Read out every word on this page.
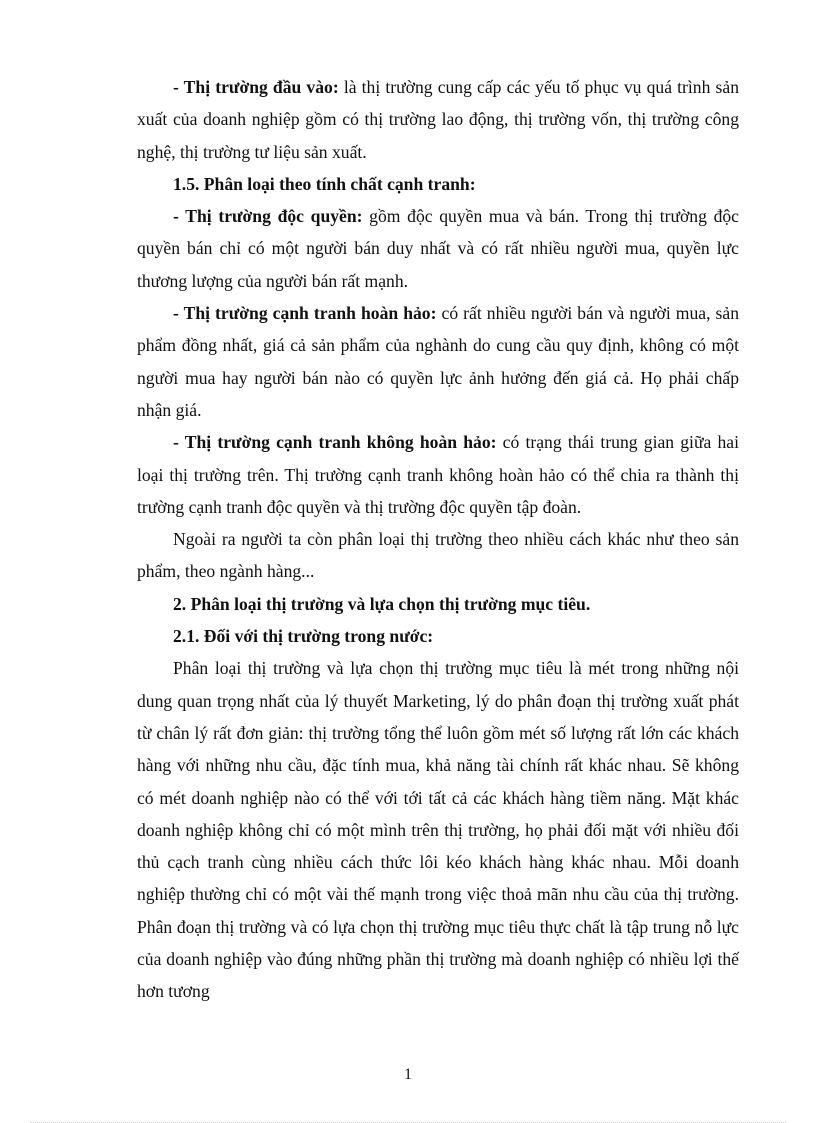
- Thị trường đầu vào: là thị trường cung cấp các yếu tố phục vụ quá trình sản xuất của doanh nghiệp gồm có thị trường lao động, thị trường vốn, thị trường công nghệ, thị trường tư liệu sản xuất.

1.5. Phân loại theo tính chất cạnh tranh:

- Thị trường độc quyền: gồm độc quyền mua và bán. Trong thị trường độc quyền bán chỉ có một người bán duy nhất và có rất nhiều người mua, quyền lực thương lượng của người bán rất mạnh.

- Thị trường cạnh tranh hoàn hảo: có rất nhiều người bán và người mua, sản phẩm đồng nhất, giá cả sản phẩm của nghành do cung cầu quy định, không có một người mua hay người bán nào có quyền lực ảnh hưởng đến giá cả. Họ phải chấp nhận giá.

- Thị trường cạnh tranh không hoàn hảo: có trạng thái trung gian giữa hai loại thị trường trên. Thị trường cạnh tranh không hoàn hảo có thể chia ra thành thị trường cạnh tranh độc quyền và thị trường độc quyền tập đoàn.

Ngoài ra người ta còn phân loại thị trường theo nhiều cách khác như theo sản phẩm, theo ngành hàng...

2. Phân loại thị trường và lựa chọn thị trường mục tiêu.

2.1. Đối với thị trường trong nước:

Phân loại thị trường và lựa chọn thị trường mục tiêu là mét trong những nội dung quan trọng nhất của lý thuyết Marketing, lý do phân đoạn thị trường xuất phát từ chân lý rất đơn giản: thị trường tổng thể luôn gồm mét số lượng rất lớn các khách hàng với những nhu cầu, đặc tính mua, khả năng tài chính rất khác nhau. Sẽ không có mét doanh nghiệp nào có thể với tới tất cả các khách hàng tiềm năng. Mặt khác doanh nghiệp không chỉ có một mình trên thị trường, họ phải đối mặt với nhiều đối thủ cạch tranh cùng nhiều cách thức lôi kéo khách hàng khác nhau. Mỗi doanh nghiệp thường chỉ có một vài thế mạnh trong việc thoả mãn nhu cầu của thị trường. Phân đoạn thị trường và có lựa chọn thị trường mục tiêu thực chất là tập trung nỗ lực của doanh nghiệp vào đúng những phần thị trường mà doanh nghiệp có nhiều lợi thế hơn tương

1
